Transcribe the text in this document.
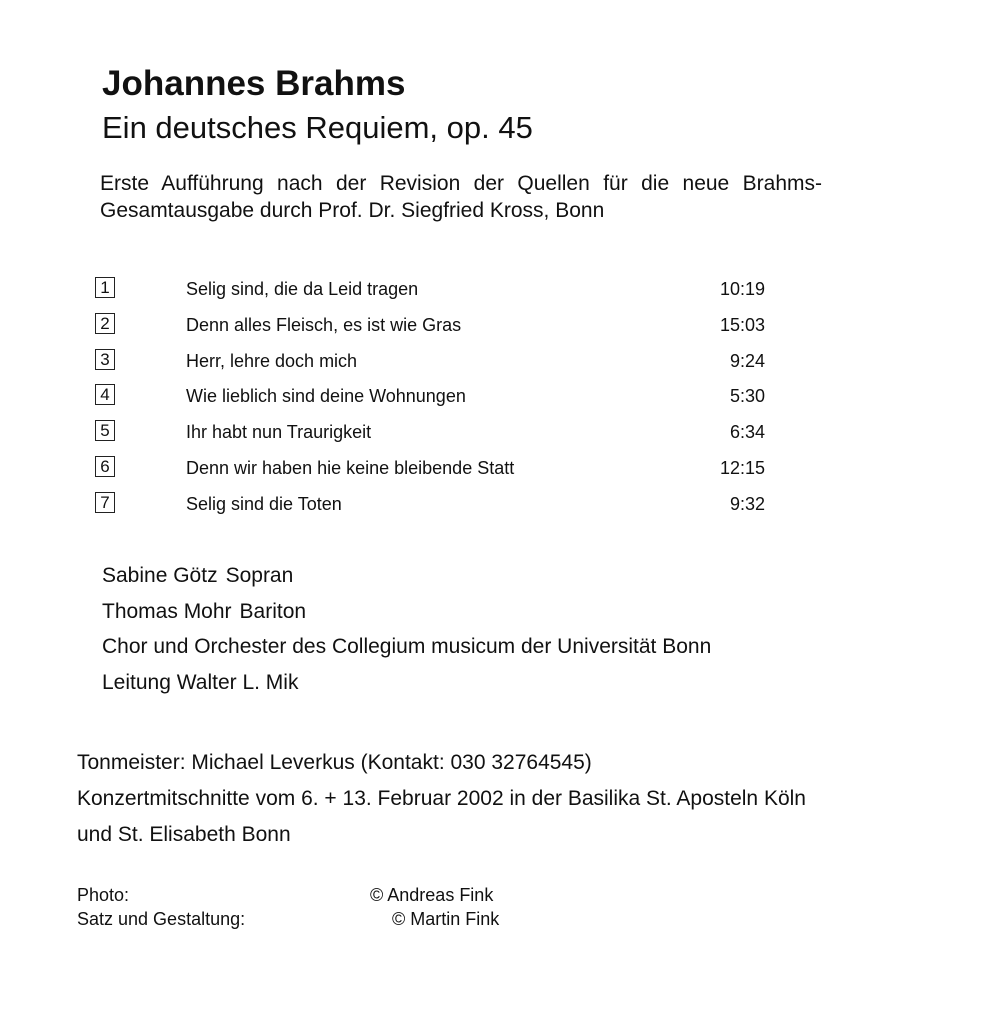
Johannes Brahms
Ein deutsches Requiem, op. 45
Erste Aufführung nach der Revision der Quellen für die neue Brahms- Gesamtausgabe durch Prof. Dr. Siegfried Kross, Bonn
1	Selig sind, die da Leid tragen	10:19
2	Denn alles Fleisch, es ist wie Gras	15:03
3	Herr, lehre doch mich	9:24
4	Wie lieblich sind deine Wohnungen	5:30
5	Ihr habt nun Traurigkeit	6:34
6	Denn wir haben hie keine bleibende Statt	12:15
7	Selig sind die Toten	9:32
Sabine Götz Sopran
Thomas Mohr Bariton
Chor und Orchester des Collegium musicum der Universität Bonn
Leitung Walter L. Mik
Tonmeister: Michael Leverkus (Kontakt: 030 32764545)
Konzertmitschnitte vom 6. + 13. Februar 2002 in der Basilika St. Aposteln Köln
und St. Elisabeth Bonn
Photo:	© Andreas Fink
Satz und Gestaltung:	© Martin Fink
